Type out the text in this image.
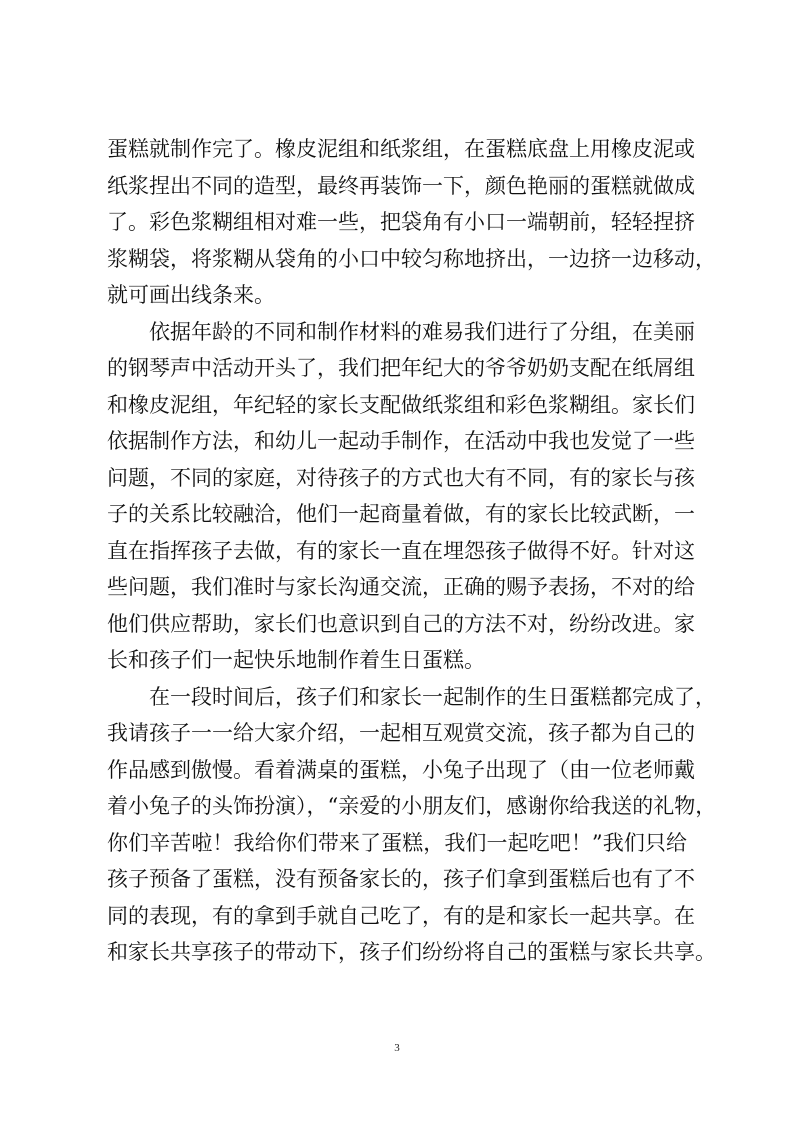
蛋糕就制作完了。橡皮泥组和纸浆组，在蛋糕底盘上用橡皮泥或
纸浆捏出不同的造型，最终再装饰一下，颜色艳丽的蛋糕就做成
了。彩色浆糊组相对难一些，把袋角有小口一端朝前，轻轻捏挤
浆糊袋，将浆糊从袋角的小口中较匀称地挤出，一边挤一边移动，
就可画出线条来。
依据年龄的不同和制作材料的难易我们进行了分组，在美丽
的钢琴声中活动开头了，我们把年纪大的爷爷奶奶支配在纸屑组
和橡皮泥组，年纪轻的家长支配做纸浆组和彩色浆糊组。家长们
依据制作方法，和幼儿一起动手制作，在活动中我也发觉了一些
问题，不同的家庭，对待孩子的方式也大有不同，有的家长与孩
子的关系比较融洽，他们一起商量着做，有的家长比较武断，一
直在指挥孩子去做，有的家长一直在埋怨孩子做得不好。针对这
些问题，我们准时与家长沟通交流，正确的赐予表扬，不对的给
他们供应帮助，家长们也意识到自己的方法不对，纷纷改进。家
长和孩子们一起快乐地制作着生日蛋糕。
在一段时间后，孩子们和家长一起制作的生日蛋糕都完成了，
我请孩子一一给大家介绍，一起相互观赏交流，孩子都为自己的
作品感到傲慢。看着满桌的蛋糕，小兔子出现了（由一位老师戴
着小兔子的头饰扮演），“亲爱的小朋友们，感谢你给我送的礼物，
你们辛苦啦！我给你们带来了蛋糕，我们一起吃吧！”我们只给
孩子预备了蛋糕，没有预备家长的，孩子们拿到蛋糕后也有了不
同的表现，有的拿到手就自己吃了，有的是和家长一起共享。在
和家长共享孩子的带动下，孩子们纷纷将自己的蛋糕与家长共享。
3
